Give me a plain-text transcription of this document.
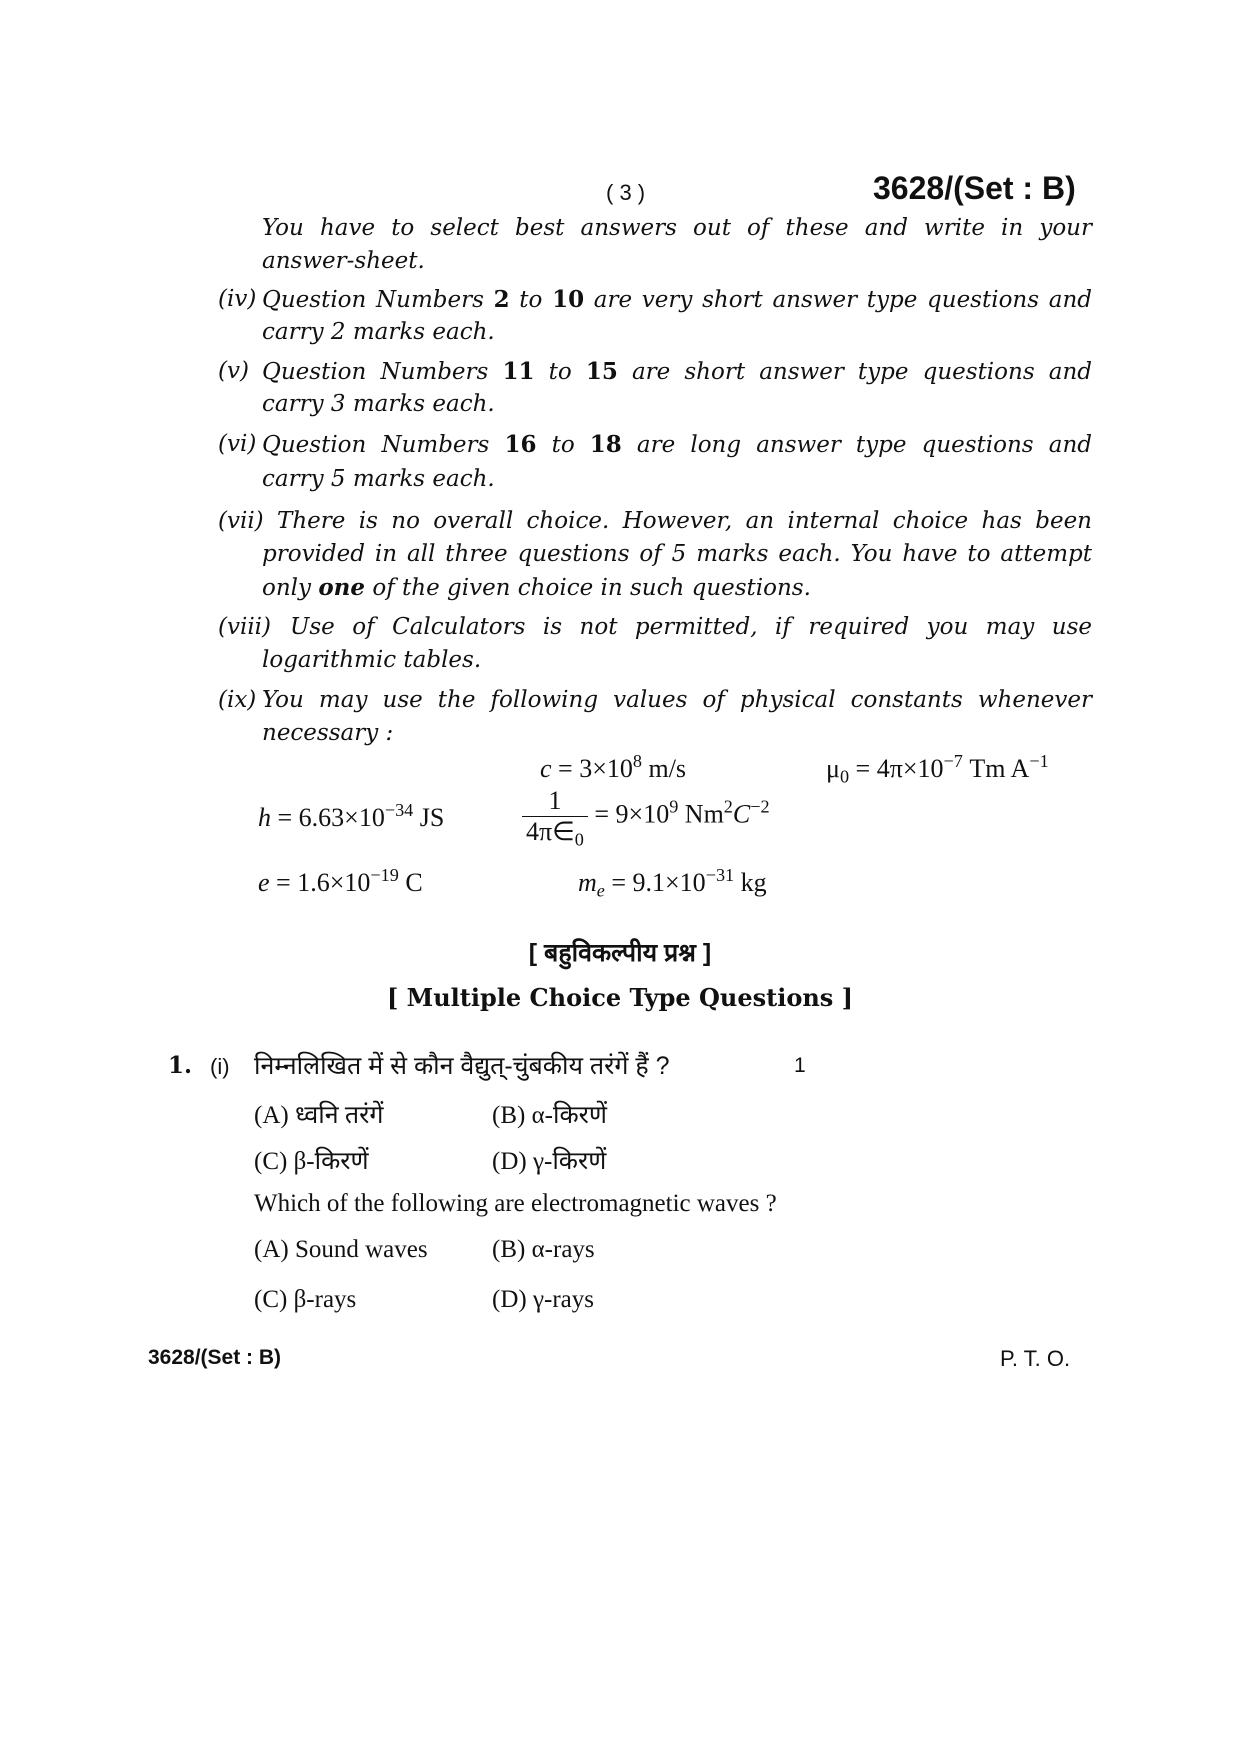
( 3 )	3628/(Set : B)
You have to select best answers out of these and write in your
answer-sheet.
(iv) Question Numbers 2 to 10 are very short answer type questions and
carry 2 marks each.
(v) Question Numbers 11 to 15 are short answer type questions and
carry 3 marks each.
(vi) Question Numbers 16 to 18 are long answer type questions and
carry 5 marks each.
(vii) There is no overall choice. However, an internal choice has been
provided in all three questions of 5 marks each. You have to attempt
only one of the given choice in such questions.
(viii) Use of Calculators is not permitted, if required you may use
logarithmic tables.
(ix) You may use the following values of physical constants whenever
necessary :
$c = 3\times 10^8$ m/s	$\mu_0 = 4\pi\times 10^{-7}$ Tm $A^{-1}$
$h = 6.63\times 10^{-34}$ JS	$\frac{1}{4\pi\in_0} = 9\times 10^9$ $Nm^2C^{-2}$
$e = 1.6\times 10^{-19}$ C	$m_e = 9.1\times 10^{-31}$ kg
[ बहुविकल्पीय प्रश्न ]
[ Multiple Choice Type Questions ]
1. (i) निम्नलिखित में से कौन वैद्युत्-चुंबकीय तरंगें हैं ?	1
(A) ध्वनि तरंगें	(B) α-किरणें
(C) β-किरणें	(D) γ-किरणें
Which of the following are electromagnetic waves ?
(A) Sound waves	(B) α-rays
(C) β-rays	(D) γ-rays
3628/(Set : B)	P. T. O.
